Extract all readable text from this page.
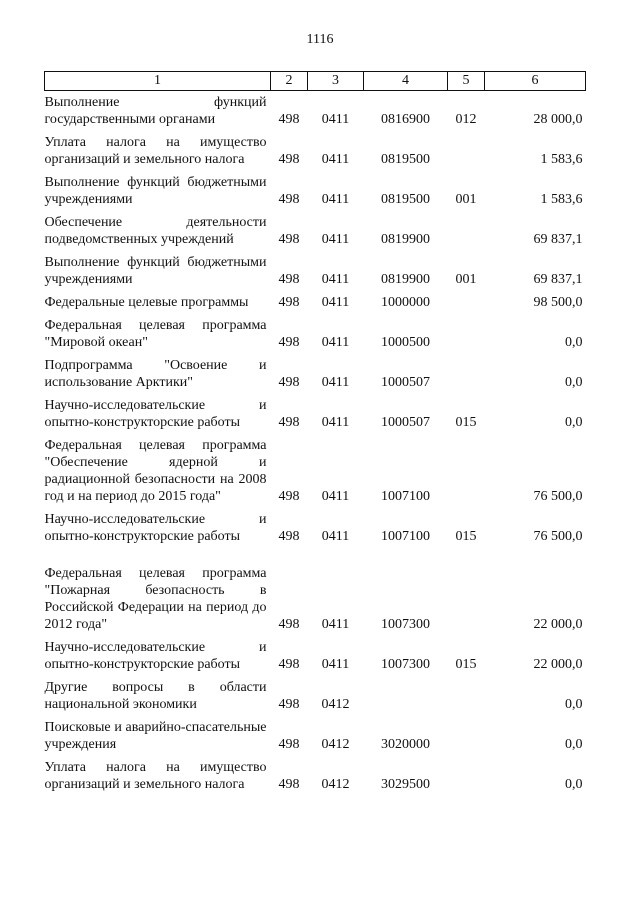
1116
1	2	3	4	5	6
Выполнение функций государственными органами	498	0411	0816900	012	28 000,0
Уплата налога на имущество организаций и земельного налога	498	0411	0819500		1 583,6
Выполнение функций бюджетными учреждениями	498	0411	0819500	001	1 583,6
Обеспечение деятельности подведомственных учреждений	498	0411	0819900		69 837,1
Выполнение функций бюджетными учреждениями	498	0411	0819900	001	69 837,1
Федеральные целевые программы	498	0411	1000000		98 500,0
Федеральная целевая программа "Мировой океан"	498	0411	1000500		0,0
Подпрограмма "Освоение и использование Арктики"	498	0411	1000507		0,0
Научно-исследовательские и опытно-конструкторские работы	498	0411	1000507	015	0,0
Федеральная целевая программа "Обеспечение ядерной и радиационной безопасности на 2008 год и на период до 2015 года"	498	0411	1007100		76 500,0
Научно-исследовательские и опытно-конструкторские работы	498	0411	1007100	015	76 500,0
Федеральная целевая программа "Пожарная безопасность в Российской Федерации на период до 2012 года"	498	0411	1007300		22 000,0
Научно-исследовательские и опытно-конструкторские работы	498	0411	1007300	015	22 000,0
Другие вопросы в области национальной экономики	498	0412			0,0
Поисковые и аварийно-спасательные учреждения	498	0412	3020000		0,0
Уплата налога на имущество организаций и земельного налога	498	0412	3029500		0,0
